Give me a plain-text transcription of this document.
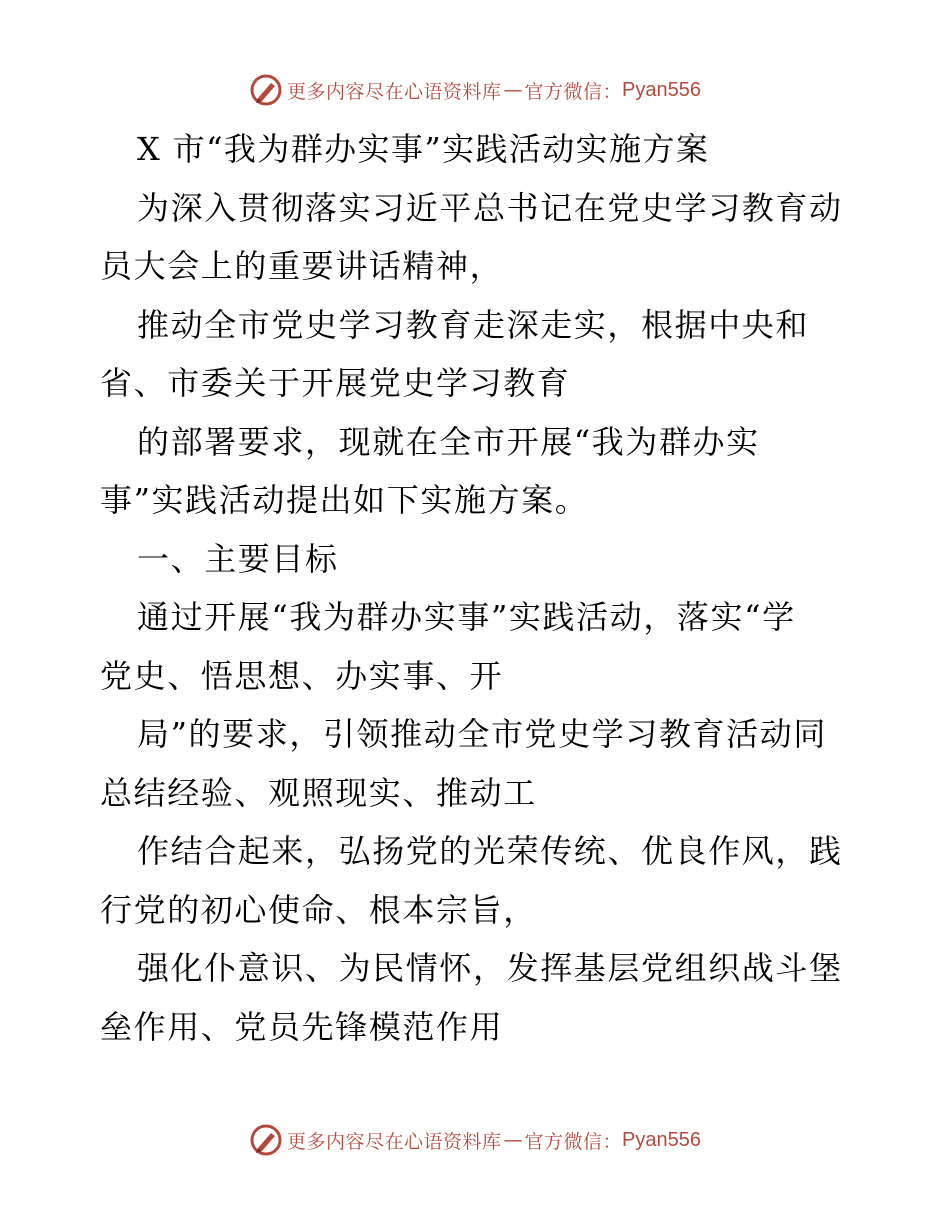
更多内容尽在心语资料库 — 官方微信： Pyan556
X 市“我为群办实事”实践活动实施方案
为深入贯彻落实习近平总书记在党史学习教育动
员大会上的重要讲话精神，
推动全市党史学习教育走深走实，根据中央和
省、市委关于开展党史学习教育
的部署要求，现就在全市开展“我为群办实
事”实践活动提出如下实施方案。
一、主要目标
通过开展“我为群办实事”实践活动，落实“学
党史、悟思想、办实事、开
局”的要求，引领推动全市党史学习教育活动同
总结经验、观照现实、推动工
作结合起来，弘扬党的光荣传统、优良作风，践
行党的初心使命、根本宗旨，
强化仆意识、为民情怀，发挥基层党组织战斗堡
垒作用、党员先锋模范作用
更多内容尽在心语资料库 — 官方微信： Pyan556
